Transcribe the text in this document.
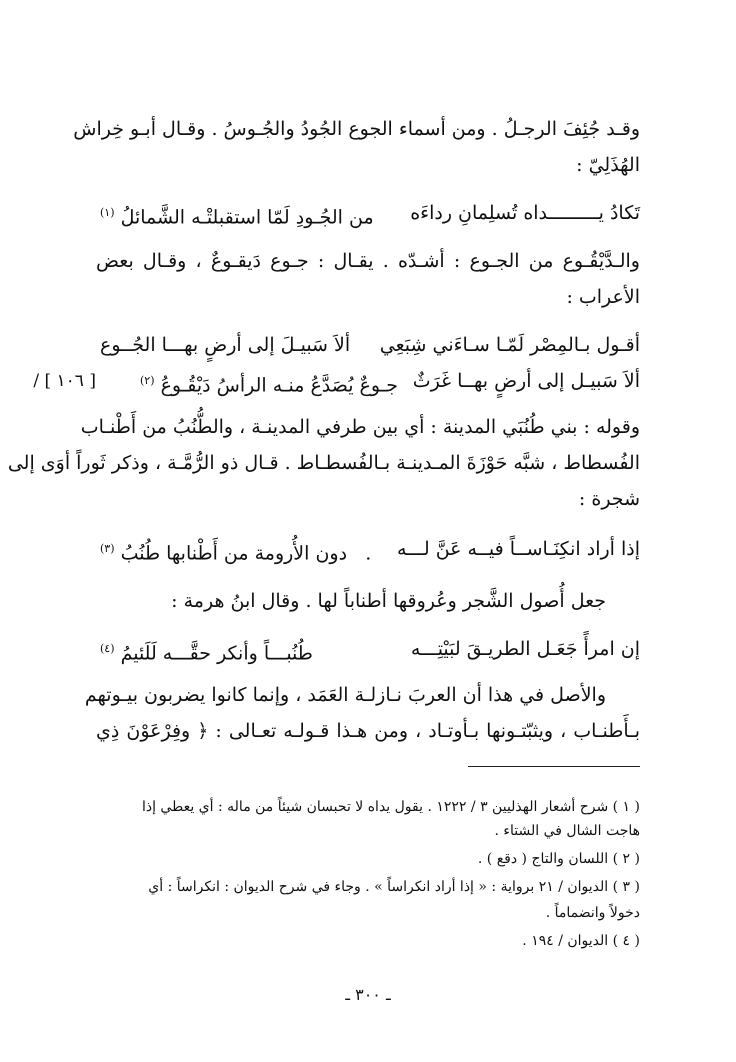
وقـد جُئِفَ الرجـلُ . ومن أسماء الجوع الجُودُ والجُـوسُ . وقـال أبـو خِراش
الهُذَلِيّ :
تَكادُ يـــــــــداه تُسلِمانِ رداءَه
من الجُـودِ لَمّا استقبلتْـه الشَّمائلُ $^{(١)}$
والـدَّيْقُـوع من الجـوع : أشـدّه . يقـال : جـوع دَيقـوعٌ ، وقـال بعض
الأعراب :
أقـول بـالمِصْر لَمّـا سـاءَني شِبَعِي
ألاَ سَبيـلَ إلى أرضٍ بهـــا الجُــوع
[ ١٠٦ ] /	ألاَ سَبيـل إلى أرضٍ بهــا غَرَثٌ
جـوعٌ يُصَدَّعُ منـه الرأسُ دَيْقُـوعُ $^{(٢)}$
وقوله : بني طُنُبَي المدينة : أي بين طرفي المدينـة ، والطُّنُبُ من أَطْنـاب
الفُسطاط ، شبَّه حَوْزَةَ المـدينـة بـالفُسطـاط . قـال ذو الرُّمَّـة ، وذكر ثَوراً أوَى إلى
شجرة :
إذا أراد انكِنَـاســاً فيــه عَنَّ لـــه
.   دون الأُرومة من أَطْنابها طُنُبُ $^{(٣)}$
جعل أُصول الشَّجر وعُروقها أطناباً لها . وقال ابنُ هرمة :
إن امرأً جَعَـل الطريـقَ لبَيْتِـــه
طُنُبـــاً وأنكر حقَّـــه لَلَئيمُ $^{(٤)}$
والأصل في هذا أن العربَ نـازلـة العَمَد ، وإنما كانوا يضربون بيـوتهم
بـأَطنـاب ، ويثبّتـونها بـأوتـاد ، ومن هـذا قـولـه تعـالى : ﴿ وفِرْعَوْنَ ذِي
( ١ ) شرح أشعار الهذليين ٣ / ١٢٢٢ . يقول يداه لا تحبسان شيئاً من ماله : أي يعطي إذا
هاجت الشال في الشتاء .
( ٢ ) اللسان والتاج ( دقع ) .
( ٣ ) الديوان / ٢١ برواية : « إذا أراد انكراساً » . وجاء في شرح الديوان : انكراساً : أي
دخولاً وانضماماً .
( ٤ ) الديوان / ١٩٤ .
ـ ٣٠٠ ـ
